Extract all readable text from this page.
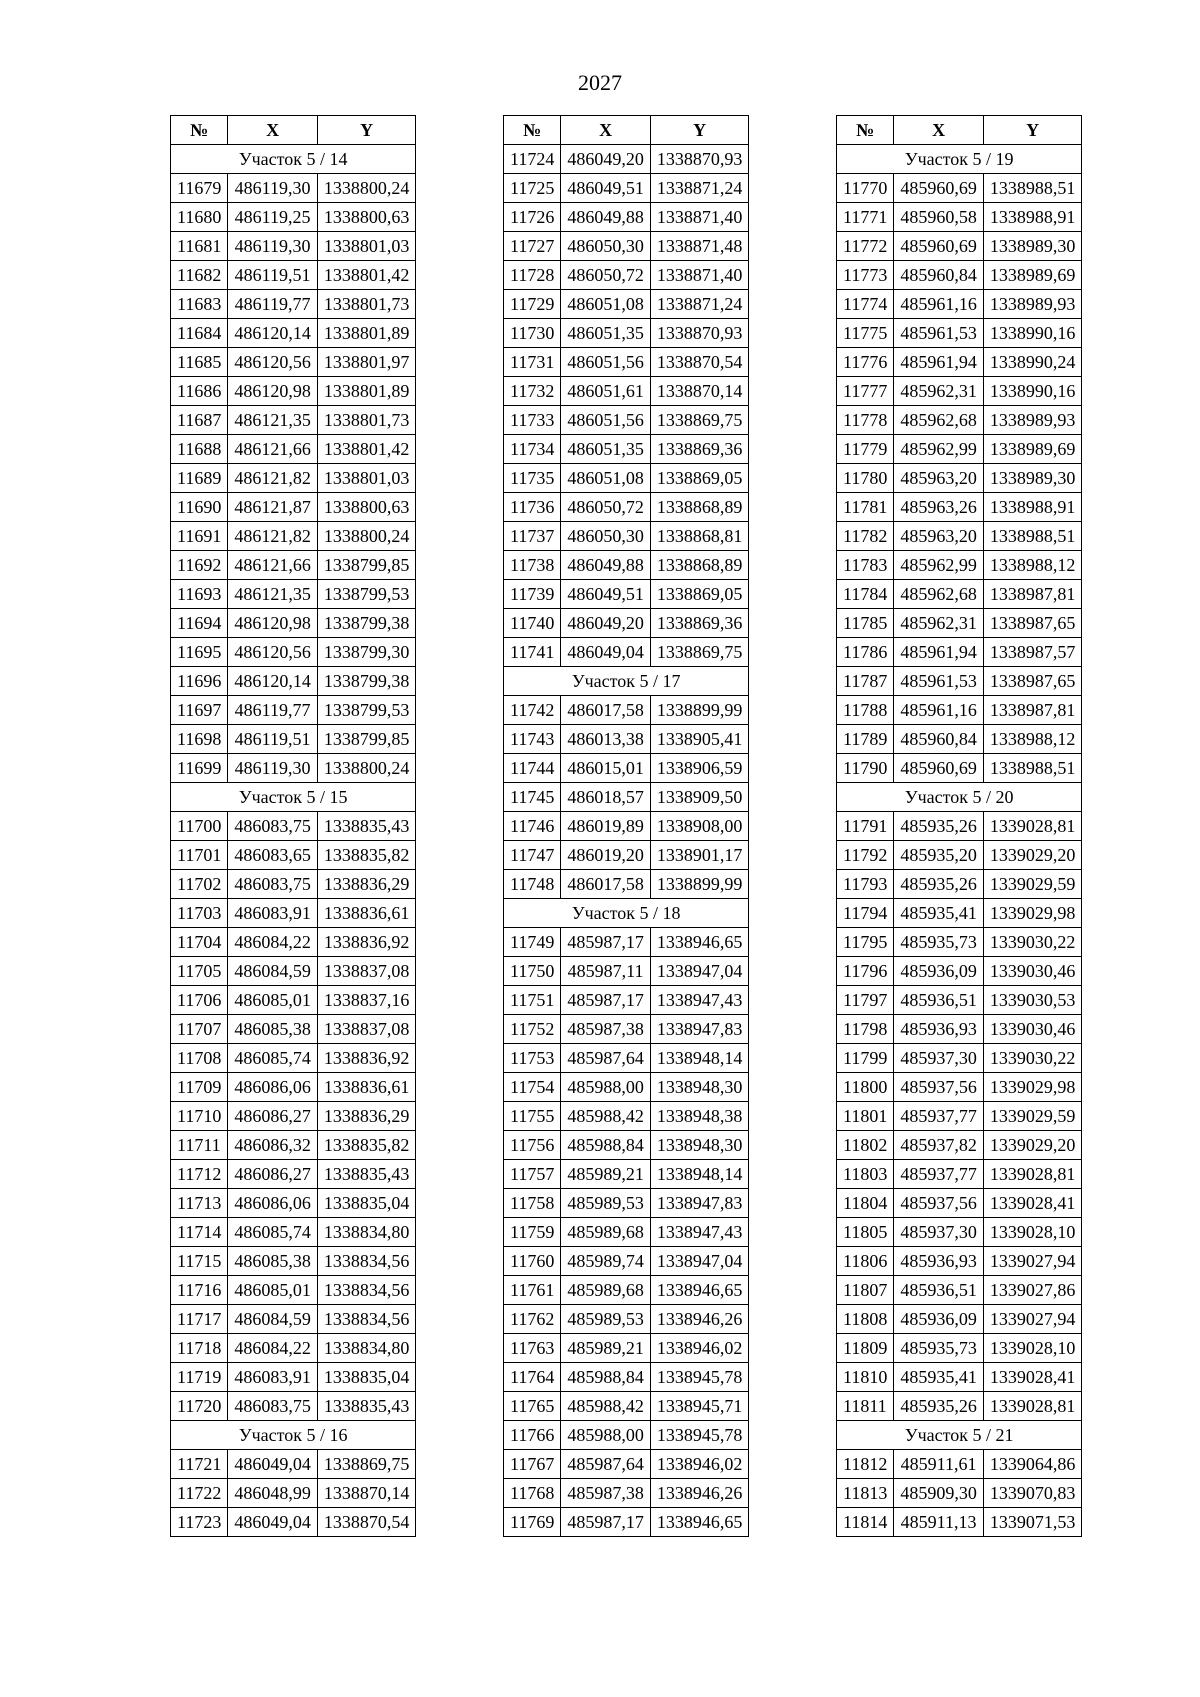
2027
№	X	Y
Участок 5 / 14		
11679	486119,30	1338800,24
11680	486119,25	1338800,63
11681	486119,30	1338801,03
11682	486119,51	1338801,42
11683	486119,77	1338801,73
11684	486120,14	1338801,89
11685	486120,56	1338801,97
11686	486120,98	1338801,89
11687	486121,35	1338801,73
11688	486121,66	1338801,42
11689	486121,82	1338801,03
11690	486121,87	1338800,63
11691	486121,82	1338800,24
11692	486121,66	1338799,85
11693	486121,35	1338799,53
11694	486120,98	1338799,38
11695	486120,56	1338799,30
11696	486120,14	1338799,38
11697	486119,77	1338799,53
11698	486119,51	1338799,85
11699	486119,30	1338800,24
Участок 5 / 15		
11700	486083,75	1338835,43
11701	486083,65	1338835,82
11702	486083,75	1338836,29
11703	486083,91	1338836,61
11704	486084,22	1338836,92
11705	486084,59	1338837,08
11706	486085,01	1338837,16
11707	486085,38	1338837,08
11708	486085,74	1338836,92
11709	486086,06	1338836,61
11710	486086,27	1338836,29
11711	486086,32	1338835,82
11712	486086,27	1338835,43
11713	486086,06	1338835,04
11714	486085,74	1338834,80
11715	486085,38	1338834,56
11716	486085,01	1338834,56
11717	486084,59	1338834,56
11718	486084,22	1338834,80
11719	486083,91	1338835,04
11720	486083,75	1338835,43
Участок 5 / 16		
11721	486049,04	1338869,75
11722	486048,99	1338870,14
11723	486049,04	1338870,54
№	X	Y
11724	486049,20	1338870,93
11725	486049,51	1338871,24
11726	486049,88	1338871,40
11727	486050,30	1338871,48
11728	486050,72	1338871,40
11729	486051,08	1338871,24
11730	486051,35	1338870,93
11731	486051,56	1338870,54
11732	486051,61	1338870,14
11733	486051,56	1338869,75
11734	486051,35	1338869,36
11735	486051,08	1338869,05
11736	486050,72	1338868,89
11737	486050,30	1338868,81
11738	486049,88	1338868,89
11739	486049,51	1338869,05
11740	486049,20	1338869,36
11741	486049,04	1338869,75
Участок 5 / 17		
11742	486017,58	1338899,99
11743	486013,38	1338905,41
11744	486015,01	1338906,59
11745	486018,57	1338909,50
11746	486019,89	1338908,00
11747	486019,20	1338901,17
11748	486017,58	1338899,99
Участок 5 / 18		
11749	485987,17	1338946,65
11750	485987,11	1338947,04
11751	485987,17	1338947,43
11752	485987,38	1338947,83
11753	485987,64	1338948,14
11754	485988,00	1338948,30
11755	485988,42	1338948,38
11756	485988,84	1338948,30
11757	485989,21	1338948,14
11758	485989,53	1338947,83
11759	485989,68	1338947,43
11760	485989,74	1338947,04
11761	485989,68	1338946,65
11762	485989,53	1338946,26
11763	485989,21	1338946,02
11764	485988,84	1338945,78
11765	485988,42	1338945,71
11766	485988,00	1338945,78
11767	485987,64	1338946,02
11768	485987,38	1338946,26
11769	485987,17	1338946,65
№	X	Y
Участок 5 / 19		
11770	485960,69	1338988,51
11771	485960,58	1338988,91
11772	485960,69	1338989,30
11773	485960,84	1338989,69
11774	485961,16	1338989,93
11775	485961,53	1338990,16
11776	485961,94	1338990,24
11777	485962,31	1338990,16
11778	485962,68	1338989,93
11779	485962,99	1338989,69
11780	485963,20	1338989,30
11781	485963,26	1338988,91
11782	485963,20	1338988,51
11783	485962,99	1338988,12
11784	485962,68	1338987,81
11785	485962,31	1338987,65
11786	485961,94	1338987,57
11787	485961,53	1338987,65
11788	485961,16	1338987,81
11789	485960,84	1338988,12
11790	485960,69	1338988,51
Участок 5 / 20		
11791	485935,26	1339028,81
11792	485935,20	1339029,20
11793	485935,26	1339029,59
11794	485935,41	1339029,98
11795	485935,73	1339030,22
11796	485936,09	1339030,46
11797	485936,51	1339030,53
11798	485936,93	1339030,46
11799	485937,30	1339030,22
11800	485937,56	1339029,98
11801	485937,77	1339029,59
11802	485937,82	1339029,20
11803	485937,77	1339028,81
11804	485937,56	1339028,41
11805	485937,30	1339028,10
11806	485936,93	1339027,94
11807	485936,51	1339027,86
11808	485936,09	1339027,94
11809	485935,73	1339028,10
11810	485935,41	1339028,41
11811	485935,26	1339028,81
Участок 5 / 21		
11812	485911,61	1339064,86
11813	485909,30	1339070,83
11814	485911,13	1339071,53
